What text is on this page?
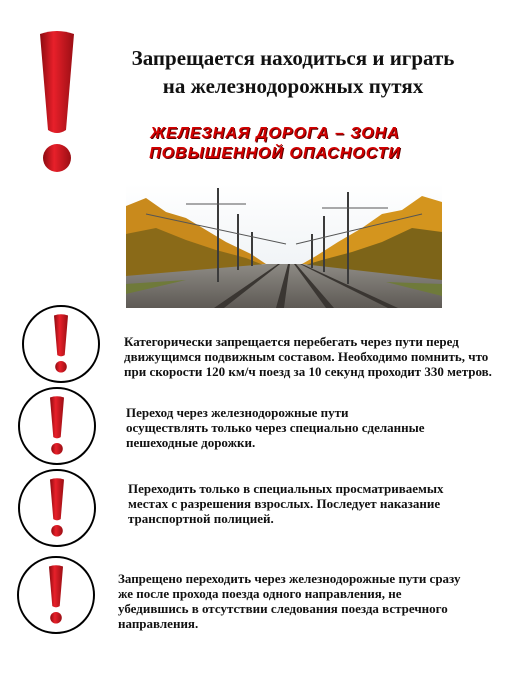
Запрещается находиться и играть
на железнодорожных путях
ЖЕЛЕЗНАЯ ДОРОГА – ЗОНА
ПОВЫШЕННОЙ ОПАСНОСТИ
Категорически запрещается перебегать через пути перед движущимся подвижным составом. Необходимо помнить, что при скорости 120 км/ч поезд за 10 секунд проходит 330 метров.
Переход через железнодорожные пути осуществлять только через специально сделанные пешеходные дорожки.
Переходить только в специальных просматриваемых местах с разрешения взрослых. Последует наказание транспортной полицией.
Запрещено переходить через железнодорожные пути сразу же после прохода поезда одного направления, не убедившись в отсутствии следования поезда встречного направления.
